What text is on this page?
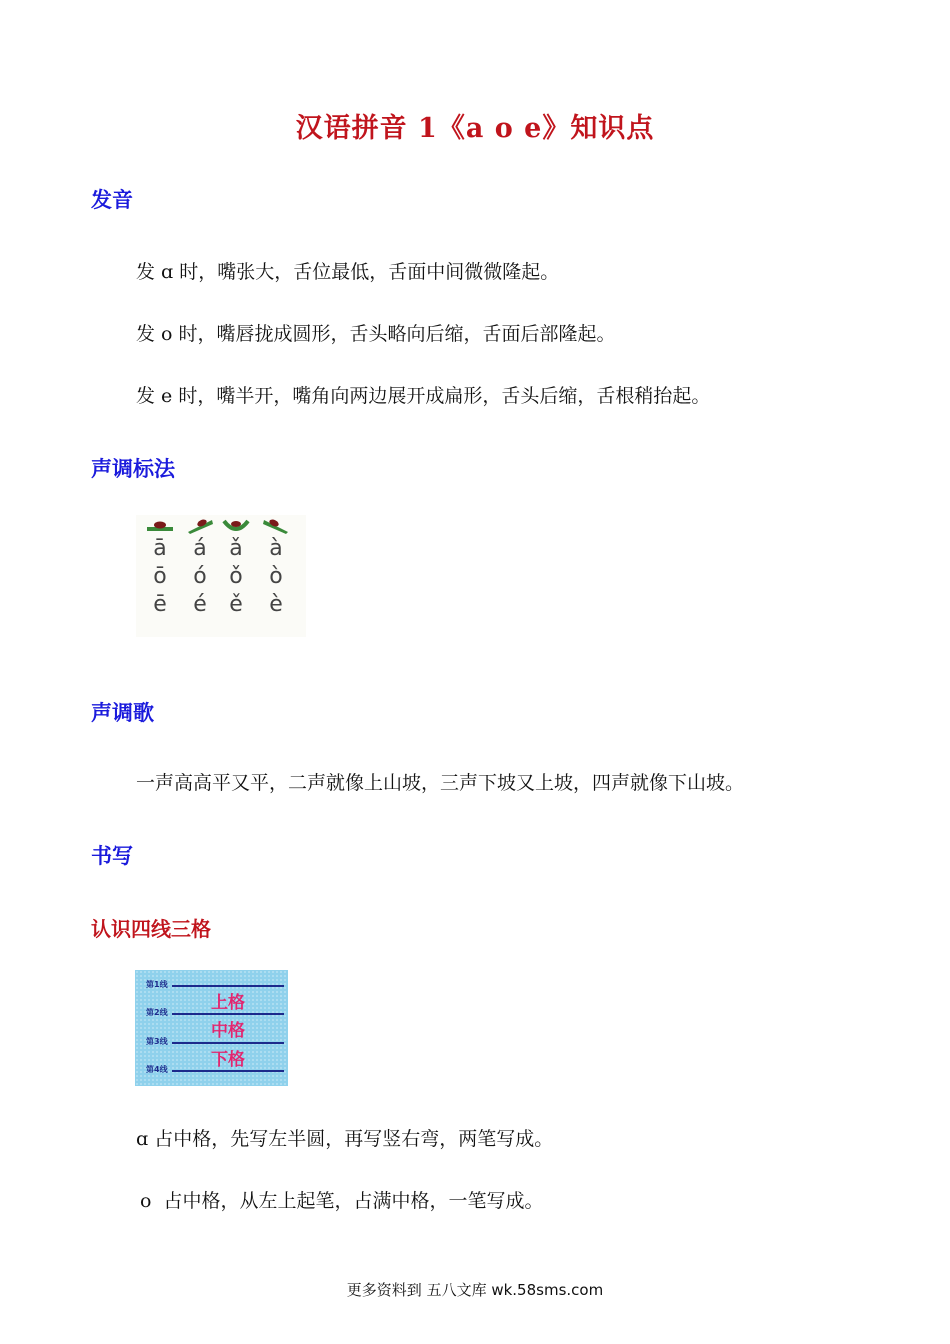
汉语拼音 1《a o e》知识点
发音
发 ɑ 时，嘴张大，舌位最低，舌面中间微微隆起。
发 o 时，嘴唇拢成圆形，舌头略向后缩，舌面后部隆起。
发 e 时，嘴半开，嘴角向两边展开成扁形，舌头后缩，舌根稍抬起。
声调标法
ā
ō
ē
á
ó
é
ǎ
ǒ
ě
à
ò
è
声调歌
一声高高平又平，二声就像上山坡，三声下坡又上坡，四声就像下山坡。
书写
认识四线三格
第1线
上格
第2线
中格
第3线
下格
第4线
ɑ 占中格，先写左半圆，再写竖右弯，两笔写成。
o  占中格，从左上起笔，占满中格，一笔写成。
更多资料到 五八文库 wk.58sms.com
